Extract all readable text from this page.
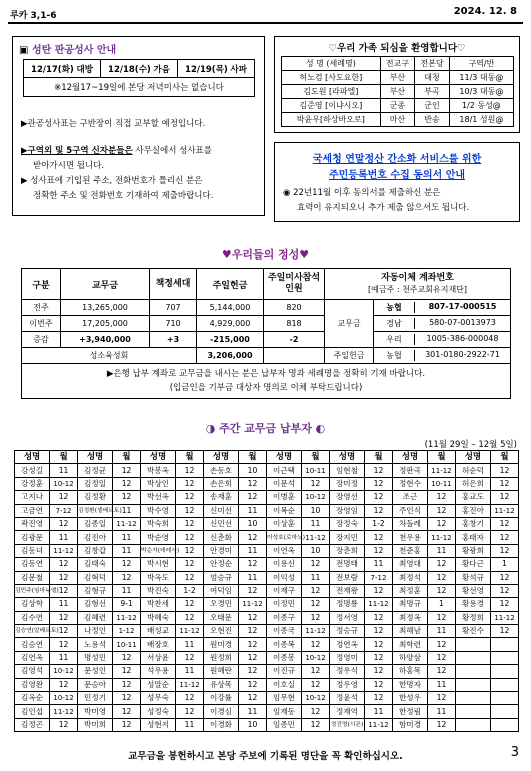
루카 3,1-6	2024. 12. 8
▣ 성탄 판공성사 안내
12/17(화) 대방	12/18(수) 가음	12/19(목) 사파
※12월17~19일에 본당 저녁미사는 없습니다
▶관공성사표는 구반장이 직접 교부할 예정입니다.
▶구역외 및 5구역 신자분들은 사무실에서 성사표를
받아가시면 됩니다.
▶ 성사표에 기입된 주소, 전화번호가 틀리신 분은
정확한 주소 및 전화번호 기재하여 제출바랍니다.
♡우리 가족 되심을 환영합니다♡
성 명 (세례명)	전교구	전본당	구역/반
허노검 [사도요한]	부산	대청	11/3 대동@
김도원 [라파엘]	부산	부곡	10/3 대동@
김준영 [이냐시오]	군종	군인	1/2 동성@
박윤우[하상바오로]	마산	반송	18/1 성원@
국세청 연말정산 간소화 서비스를 위한
주민등록번호 수집 동의서 안내
◉ 22년11월 이후 동의서를 제출하신 분은
효력이 유지되오니 추가 제출 않으셔도 됩니다.
♥우리들의 정성♥
구분	교무금	책정세대	주일헌금	주일미사참석인원	자동이체 계좌번호
[예금주 : 천주교회유지재단]	

전주	13,265,000	707	5,144,000	820	교무금	농협 807-17-000515

이번주	17,205,000	710	4,929,000	818		경남 580-07-0013973

증감	+3,940,000	+3	-215,000	-2		우리 1005-386-000048

성소육성회			3,206,000		주일헌금	농협 301-0180-2922-71

▶은행 납부 계좌로 교무금을 내시는 분은 납부자 명과 세례명을 정확히 기재 바랍니다.
(입금인을 기부금 대상자 명의로 이체 부탁드립니다)						
◑ 주간 교무금 납부자 ◐
(11월 29일 – 12월 5일)
성명	월	성명	월	성명	월	성명	월	성명	월	성명	월	성명	월	성명	월
강성길	11	김정균	12	박봉옥	12	손동호	10	이근택	10-11	임현철	12	정판곡	11-12	허순덕	12
강정훈	10-12	김정일	12	박상인	12	손은희	12	이문석	12	장미정	12	정현수	10-11	허은희	12
고지나	12	김정환	12	박선옥	12	송재훈	12	이병훈	10-12	장영선	12	조근	12	홍교도	12
고금연	7-12	김정환(셀베르토)	11	박수영	12	신미선	11	이복순	10	장영임	12	주인식	12	홍진아	11-12
곽진영	12	김종일	11-12	박숙희	12	신민선	10	이상훈	11	장정숙	1-2	차돌례	12	홍창기	12
김광문	11	김진아	11	박순영	12	신춘화	12	이성호(로마노)	11-12	장지민	12	천우용	11-12	홍태자	12
김동녀	11-12	김창갑	11	박순자(데레사)	12	안경미	11	이연옥	10	장춘희	12	천준홍	11	황광희	12
김동연	12	김태숙	12	박시현	12	안정순	12	이용신	12	전명태	11	최영대	12	황다근	1
김문철	12	김혁덕	12	박옥도	12	엄승규	11	이익성	11	전보람	7-12	최정석	12	황석규	12
김민주(임마누엘)	12	김형규	11	박진숙	1-2	여덕임	12	이재구	12	전재왕	12	최정훈	12	황선영	12
김상학	11	김형선	9-1	박찬세	12	오경민	11-12	이정민	12	정명룡	11-12	최명규	1	황용경	12
김수연	12	김혜련	11-12	박혜숙	12	오태문	12	이종구	12	정서영	12	최정옥	12	황정희	11-12
김승연(알베르토)	12	나정인	1-12	배성교	11-12	오현진	12	이종국	11-12	정승규	12	최해남	11	황진수	12
김승연	12	노용석	10-11	배장호	11	원미경	12	이종복	12	정연옥	12	최학련	12		
김연옥	11	명성민	12	서상윤	12	원정희	12	이종봉	10-12	정영미	12	하양삼	12		
김영석	10-12	문성인	12	석우용	11	원혜란	12	이진규	12	정우식	12	하홍목	12		
김영완	12	문승아	12	성말순	11-12	유상목	12	이호실	12	정우영	12	한명자	11		
김옥순	10-12	민정기	12	성무숙	12	이강률	12	임무현	10-12	정윤석	12	한성우	12		
김인섭	11-12	박미영	12	성정숙	12	이경심	11	임재동	12	정재억	11	한정림	11		
김정곤	12	박미희	12	성현지	11	이경화	10	임종민	12	정진영(시몬)	11-12	함미경	12		
교무금을 봉헌하시고 본당 주보에 기록된 명단을 꼭 확인하십시오.	3
